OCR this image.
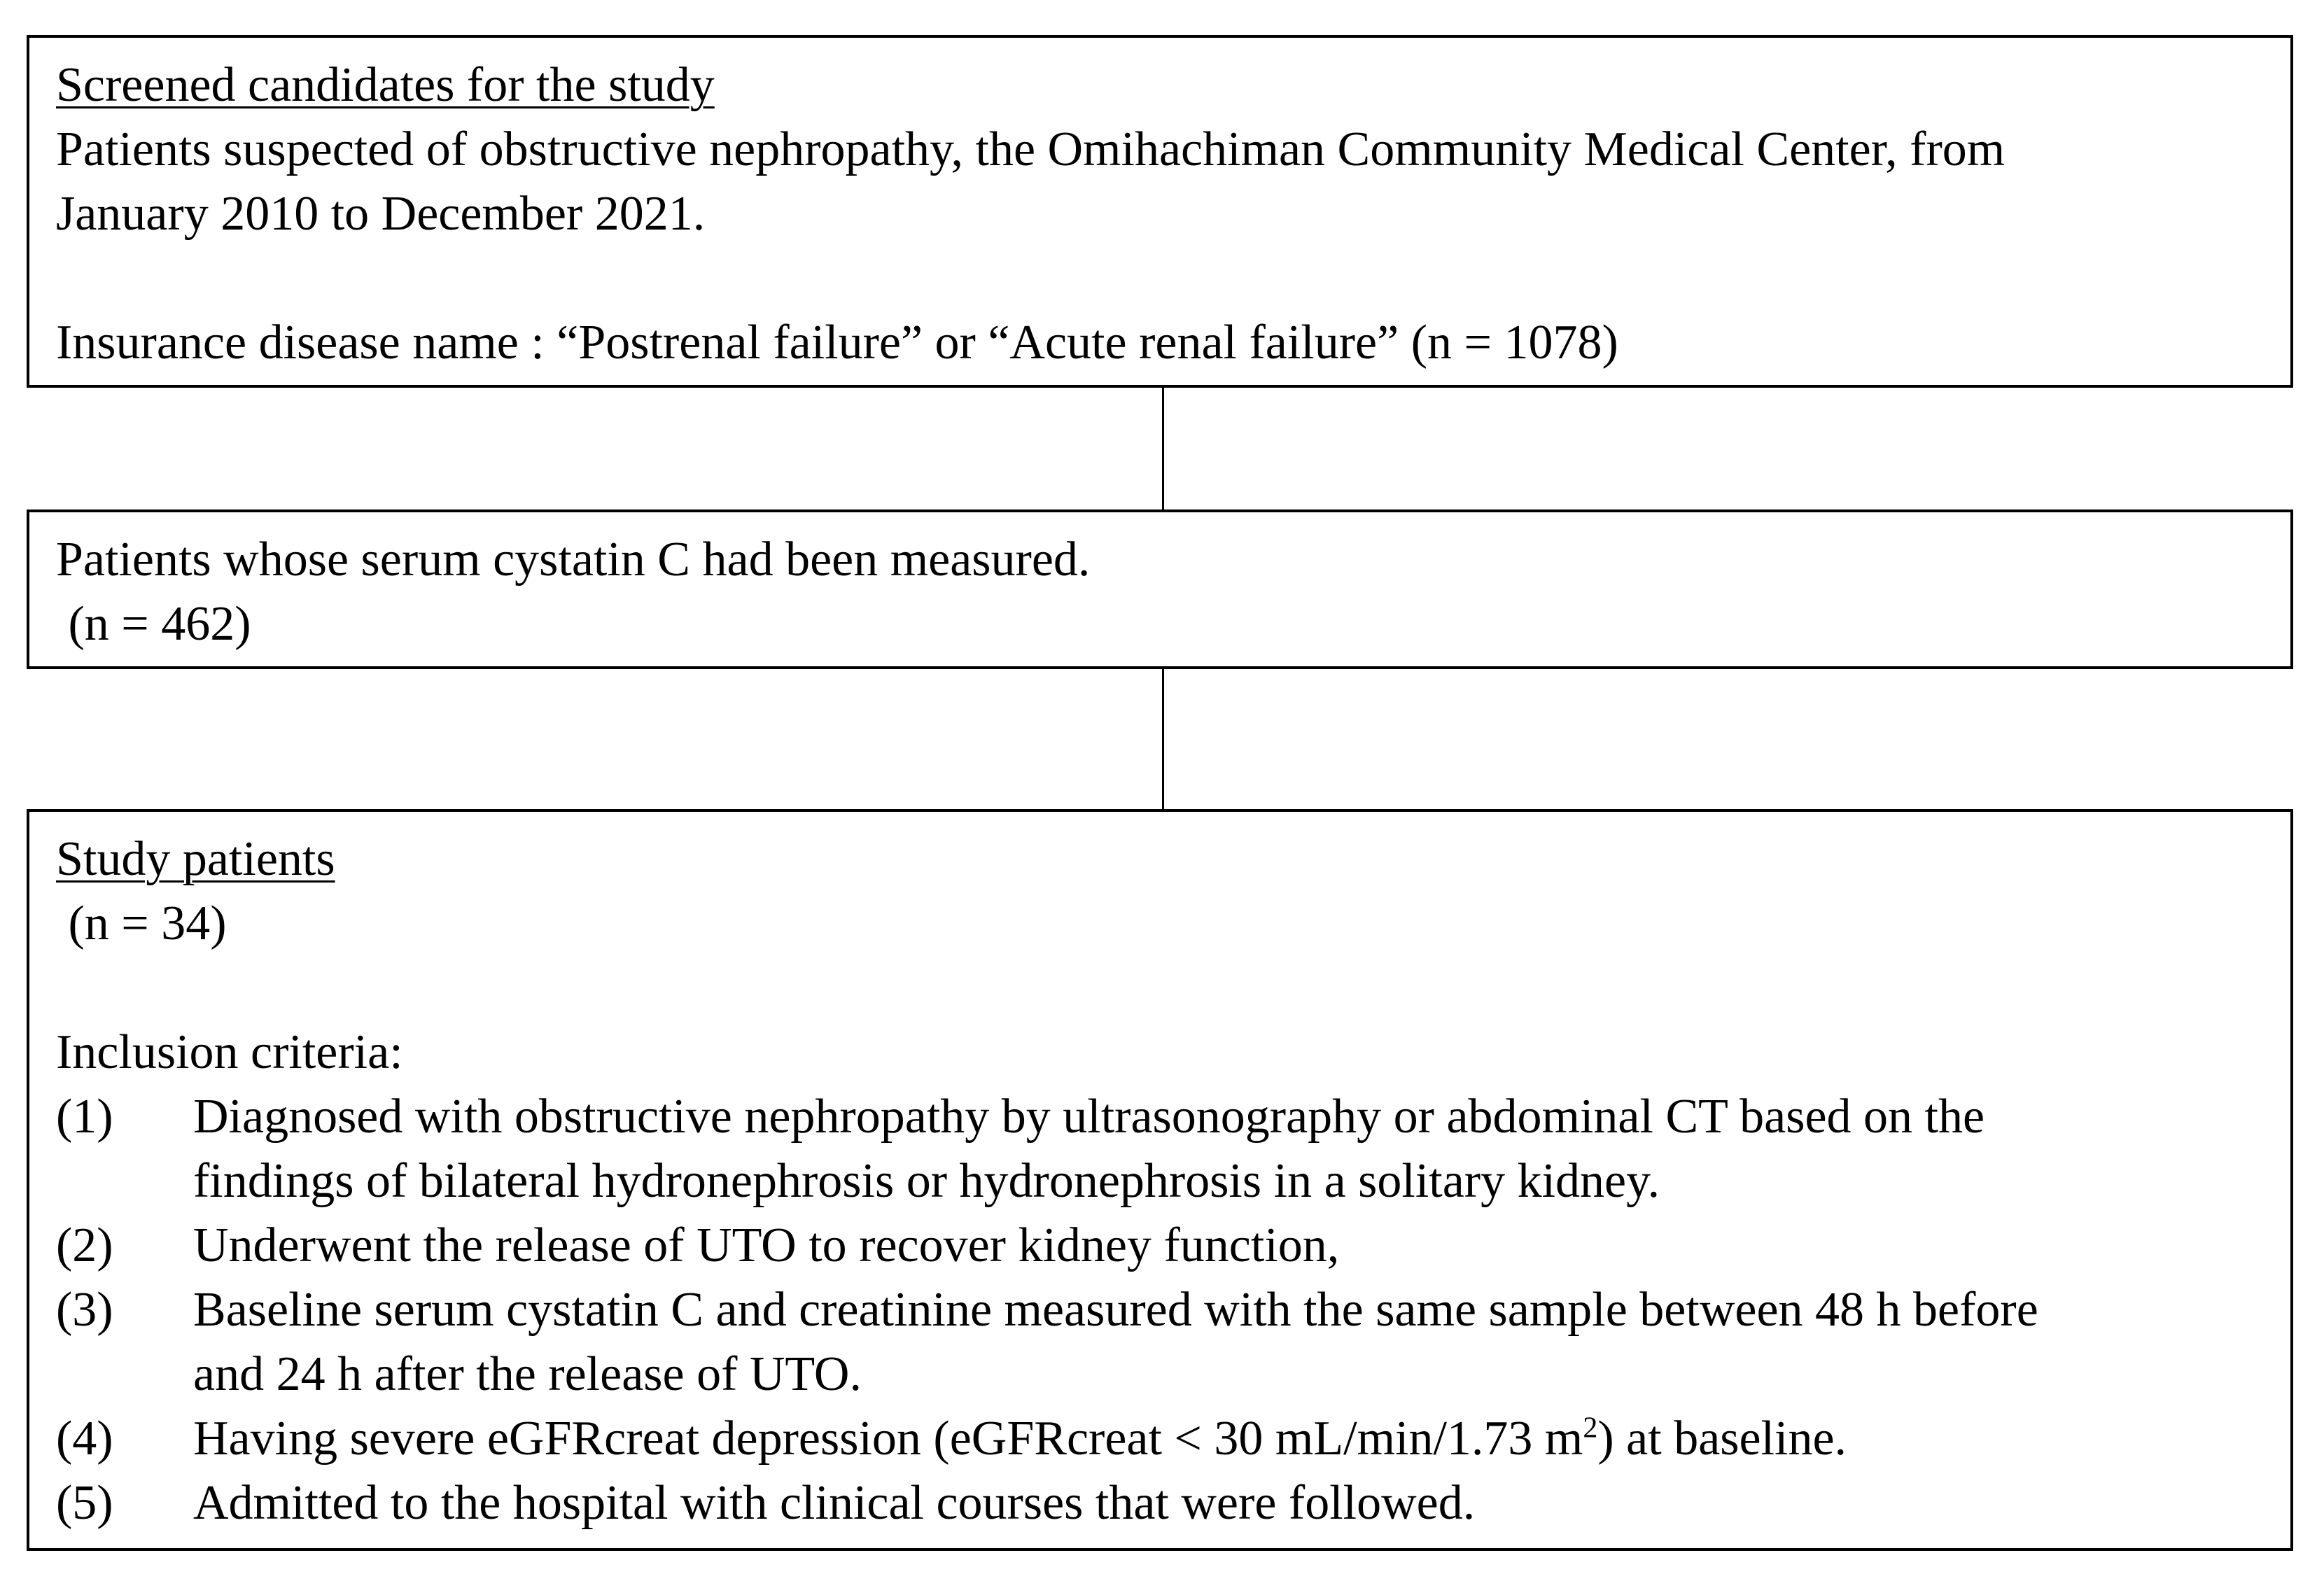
Screened candidates for the study
Patients suspected of obstructive nephropathy, the Omihachiman Community Medical Center, from
January 2010 to December 2021.
Insurance disease name : “Postrenal failure” or “Acute renal failure” (n = 1078)
Patients whose serum cystatin C had been measured.
(n = 462)
Study patients
(n = 34)
Inclusion criteria:
(1) Diagnosed with obstructive nephropathy by ultrasonography or abdominal CT based on the
findings of bilateral hydronephrosis or hydronephrosis in a solitary kidney.
(2) Underwent the release of UTO to recover kidney function,
(3) Baseline serum cystatin C and creatinine measured with the same sample between 48 h before
and 24 h after the release of UTO.
(4) Having severe eGFRcreat depression (eGFRcreat < 30 mL/min/1.73 $m^2$) at baseline.
(5) Admitted to the hospital with clinical courses that were followed.
